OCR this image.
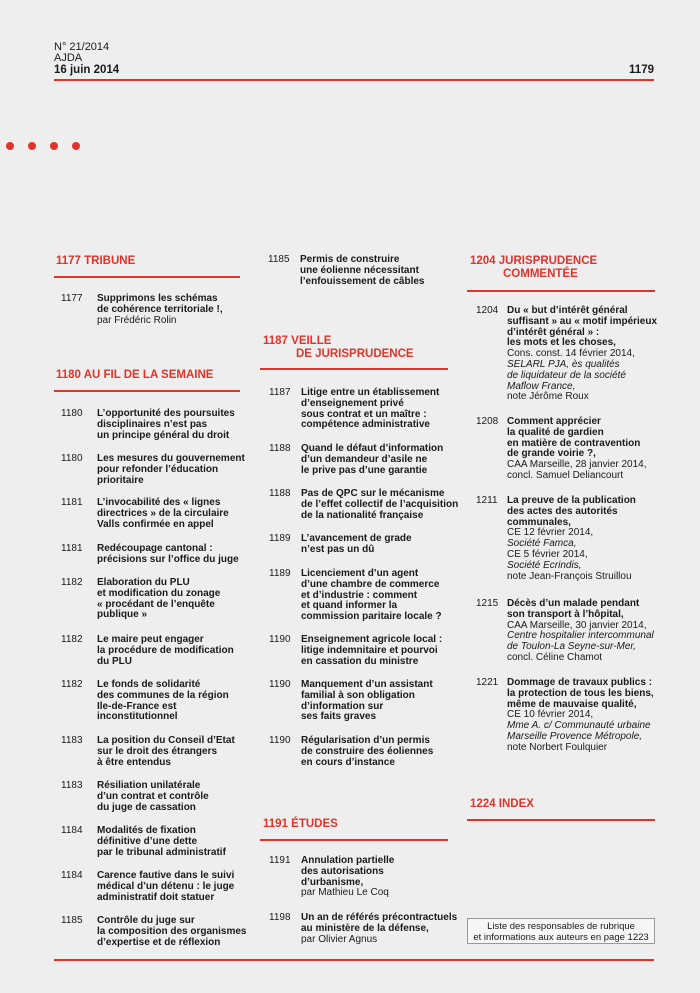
N° 21/2014
AJDA
16 juin 2014	1179
1177 TRIBUNE
1177	Supprimons les schémas
de cohérence territoriale !,
par Frédéric Rolin
1180 AU FIL DE LA SEMAINE
1180	L’opportunité des poursuites
disciplinaires n’est pas
un principe général du droit
1180	Les mesures du gouvernement
pour refonder l’éducation
prioritaire
1181	L’invocabilité des « lignes
directrices » de la circulaire
Valls confirmée en appel
1181	Redécoupage cantonal :
précisions sur l’office du juge
1182	Elaboration du PLU
et modification du zonage
« procédant de l’enquête
publique »
1182	Le maire peut engager
la procédure de modification
du PLU
1182	Le fonds de solidarité
des communes de la région
Ile-de-France est
inconstitutionnel
1183	La position du Conseil d’Etat
sur le droit des étrangers
à être entendus
1183	Résiliation unilatérale
d’un contrat et contrôle
du juge de cassation
1184	Modalités de fixation
définitive d’une dette
par le tribunal administratif
1184	Carence fautive dans le suivi
médical d’un détenu : le juge
administratif doit statuer
1185	Contrôle du juge sur
la composition des organismes
d’expertise et de réflexion
1185	Permis de construire
une éolienne nécessitant
l’enfouissement de câbles
1187 VEILLE
DE JURISPRUDENCE
1187	Litige entre un établissement
d’enseignement privé
sous contrat et un maître :
compétence administrative
1188	Quand le défaut d’information
d’un demandeur d’asile ne
le prive pas d’une garantie
1188	Pas de QPC sur le mécanisme
de l’effet collectif de l’acquisition
de la nationalité française
1189	L’avancement de grade
n’est pas un dû
1189	Licenciement d’un agent
d’une chambre de commerce
et d’industrie : comment
et quand informer la
commission paritaire locale ?
1190	Enseignement agricole local :
litige indemnitaire et pourvoi
en cassation du ministre
1190	Manquement d’un assistant
familial à son obligation
d’information sur
ses faits graves
1190	Régularisation d’un permis
de construire des éoliennes
en cours d’instance
1191 ÉTUDES
1191	Annulation partielle
des autorisations
d’urbanisme,
par Mathieu Le Coq
1198	Un an de référés précontractuels
au ministère de la défense,
par Olivier Agnus
1204 JURISPRUDENCE
COMMENTÉE
1204 Du « but d’intérêt général
suffisant » au « motif impérieux
d’intérêt général » :
les mots et les choses,
Cons. const. 14 février 2014,
SELARL PJA, ès qualités
de liquidateur de la société
Maflow France,
note Jérôme Roux
1208 Comment apprécier
la qualité de gardien
en matière de contravention
de grande voirie ?,
CAA Marseille, 28 janvier 2014,
concl. Samuel Deliancourt
1211 La preuve de la publication
des actes des autorités
communales,
CE 12 février 2014,
Société Famca,
CE 5 février 2014,
Société Ecrindis,
note Jean-François Struillou
1215 Décès d’un malade pendant
son transport à l’hôpital,
CAA Marseille, 30 janvier 2014,
Centre hospitalier intercommunal
de Toulon-La Seyne-sur-Mer,
concl. Céline Chamot
1221 Dommage de travaux publics :
la protection de tous les biens,
même de mauvaise qualité,
CE 10 février 2014,
Mme A. c/ Communauté urbaine
Marseille Provence Métropole,
note Norbert Foulquier
1224 INDEX
Liste des responsables de rubrique
et informations aux auteurs en page 1223
